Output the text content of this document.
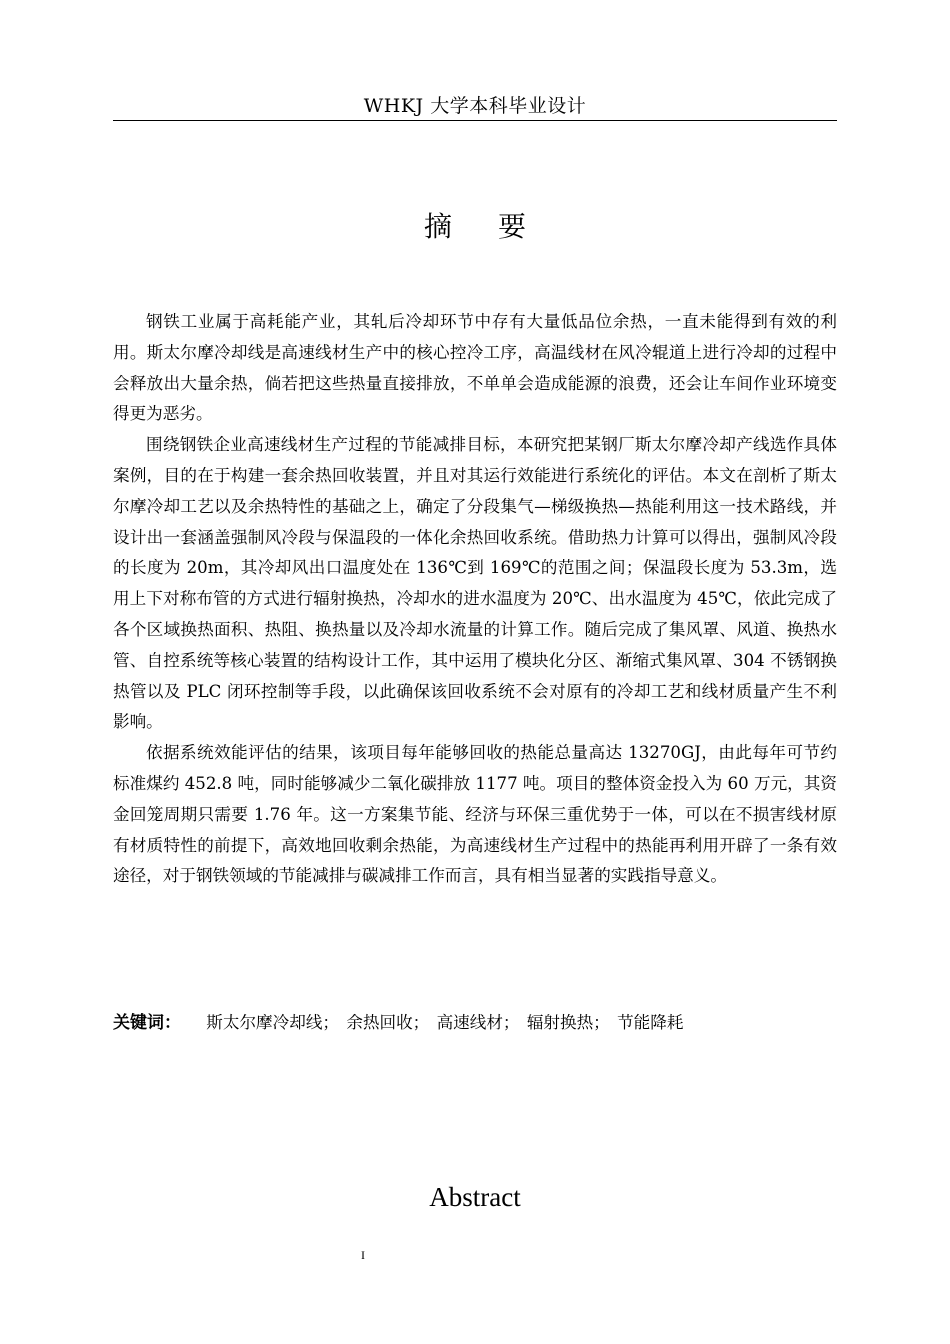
WHKJ 大学本科毕业设计
摘要

钢铁工业属于高耗能产业，其轧后冷却环节中存有大量低品位余热，一直未能得到有效的利用。斯太尔摩冷却线是高速线材生产中的核心控冷工序，高温线材在风冷辊道上进行冷却的过程中会释放出大量余热，倘若把这些热量直接排放，不单单会造成能源的浪费，还会让车间作业环境变得更为恶劣。

围绕钢铁企业高速线材生产过程的节能减排目标，本研究把某钢厂斯太尔摩冷却产线选作具体案例，目的在于构建一套余热回收装置，并且对其运行效能进行系统化的评估。本文在剖析了斯太尔摩冷却工艺以及余热特性的基础之上，确定了分段集气—梯级换热—热能利用这一技术路线，并设计出一套涵盖强制风冷段与保温段的一体化余热回收系统。借助热力计算可以得出，强制风冷段的长度为 20m，其冷却风出口温度处在 136℃到 169℃的范围之间；保温段长度为 53.3m，选用上下对称布管的方式进行辐射换热，冷却水的进水温度为 20℃、出水温度为 45℃，依此完成了各个区域换热面积、热阻、换热量以及冷却水流量的计算工作。随后完成了集风罩、风道、换热水管、自控系统等核心装置的结构设计工作，其中运用了模块化分区、渐缩式集风罩、304 不锈钢换热管以及 PLC 闭环控制等手段，以此确保该回收系统不会对原有的冷却工艺和线材质量产生不利影响。

依据系统效能评估的结果，该项目每年能够回收的热能总量高达 13270GJ，由此每年可节约标准煤约 452.8 吨，同时能够减少二氧化碳排放 1177 吨。项目的整体资金投入为 60 万元，其资金回笼周期只需要 1.76 年。这一方案集节能、经济与环保三重优势于一体，可以在不损害线材原有材质特性的前提下，高效地回收剩余热能，为高速线材生产过程中的热能再利用开辟了一条有效途径，对于钢铁领域的节能减排与碳减排工作而言，具有相当显著的实践指导意义。

关键词： 斯太尔摩冷却线； 余热回收； 高速线材； 辐射换热； 节能降耗
Abstract
I
